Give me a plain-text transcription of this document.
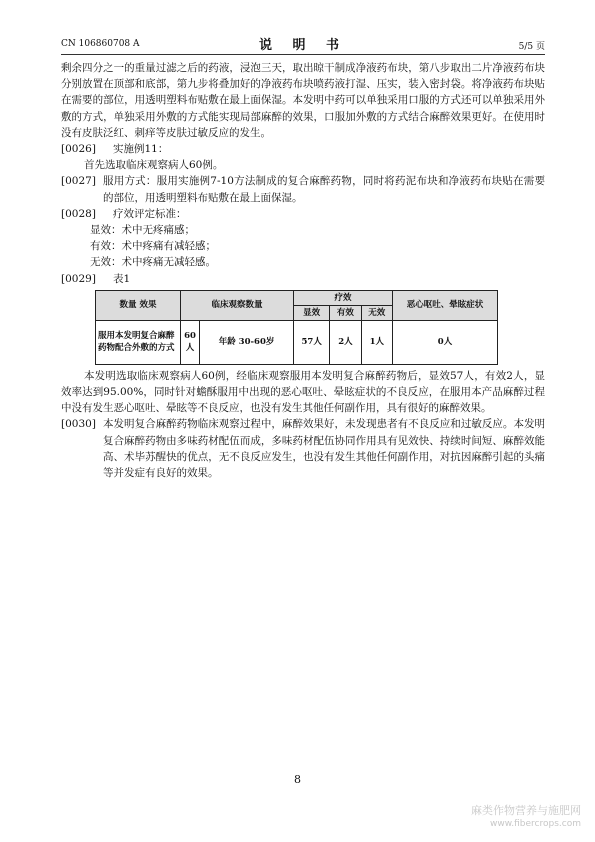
CN 106860708 A	说 明 书	5/5 页

剩余四分之一的重量过滤之后的药液，浸泡三天，取出晾干制成净液药布块，第八步取出二片净液药布块分别放置在顶部和底部，第九步将叠加好的净液药布块喷药液打湿、压实，装入密封袋。将净液药布块贴在需要的部位，用透明塑料布贴敷在最上面保湿。本发明中药可以单独采用口服的方式还可以单独采用外敷的方式，单独采用外敷的方式能实现局部麻醉的效果，口服加外敷的方式结合麻醉效果更好。在使用时没有皮肤泛红、刺痒等皮肤过敏反应的发生。

[0026]	实施例11：

首先选取临床观察病人60例。

[0027] 服用方式：服用实施例7-10方法制成的复合麻醉药物，同时将药泥布块和净液药布块贴在需要的部位，用透明塑料布贴敷在最上面保湿。
[0028]	疗效评定标准：
显效：术中无疼痛感；
有效：术中疼痛有减轻感；
无效：术中疼痛无减轻感。
[0029]	表1
数量 效果	临床观察数量		疗效			恶心呕吐、晕眩症状
			显效	有效	无效	
服用本发明复合麻醉药物配合外敷的方式	60人	年龄 30-60岁	57人	2人	1人	0人

本发明选取临床观察病人60例，经临床观察服用本发明复合麻醉药物后，显效57人，有效2人，显效率达到95.00%，同时针对蟾酥服用中出现的恶心呕吐、晕眩症状的不良反应，在服用本产品麻醉过程中没有发生恶心呕吐、晕眩等不良反应，也没有发生其他任何副作用，具有很好的麻醉效果。

[0030] 本发明复合麻醉药物临床观察过程中，麻醉效果好，未发现患者有不良反应和过敏反应。本发明复合麻醉药物由多味药材配伍而成，多味药材配伍协同作用具有见效快、持续时间短、麻醉效能高、术毕苏醒快的优点，无不良反应发生，也没有发生其他任何副作用，对抗因麻醉引起的头痛等并发症有良好的效果。
8
麻类作物营养与施肥网
www.fibercrops.com
